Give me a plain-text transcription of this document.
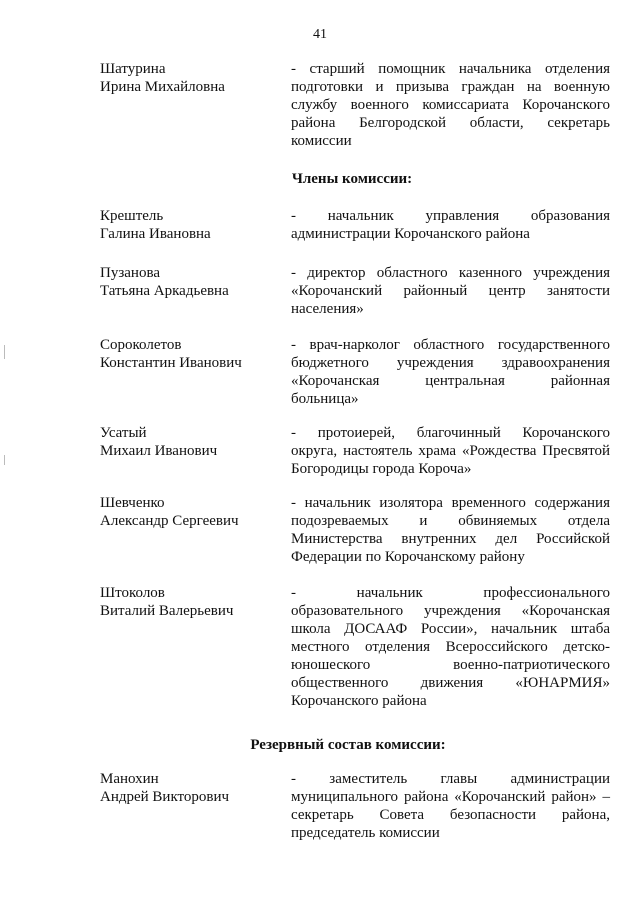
41
Шатурина
Ирина Михайловна
- старший помощник начальника отделения
подготовки и призыва граждан на военную
службу военного комиссариата Корочанского
района Белгородской области, секретарь
комиссии
Члены комиссии:
Крештель
Галина Ивановна
- начальник управления образования
администрации Корочанского района
Пузанова
Татьяна Аркадьевна
- директор областного казенного учреждения
«Корочанский районный центр занятости
населения»
Сороколетов
Константин Иванович
- врач-нарколог областного государственного
бюджетного учреждения здравоохранения
«Корочанская центральная районная
больница»
Усатый
Михаил Иванович
- протоиерей, благочинный Корочанского
округа, настоятель храма «Рождества Пресвятой
Богородицы города Короча»
Шевченко
Александр Сергеевич
- начальник изолятора временного содержания
подозреваемых и обвиняемых отдела
Министерства внутренних дел Российской
Федерации по Корочанскому району
Штоколов
Виталий Валерьевич
- начальник профессионального
образовательного учреждения «Корочанская
школа ДОСААФ России», начальник штаба
местного отделения Всероссийского детско-
юношеского военно-патриотического
общественного движения «ЮНАРМИЯ»
Корочанского района
Резервный состав комиссии:
Манохин
Андрей Викторович
- заместитель главы администрации
муниципального района «Корочанский район» –
секретарь Совета безопасности района,
председатель комиссии
